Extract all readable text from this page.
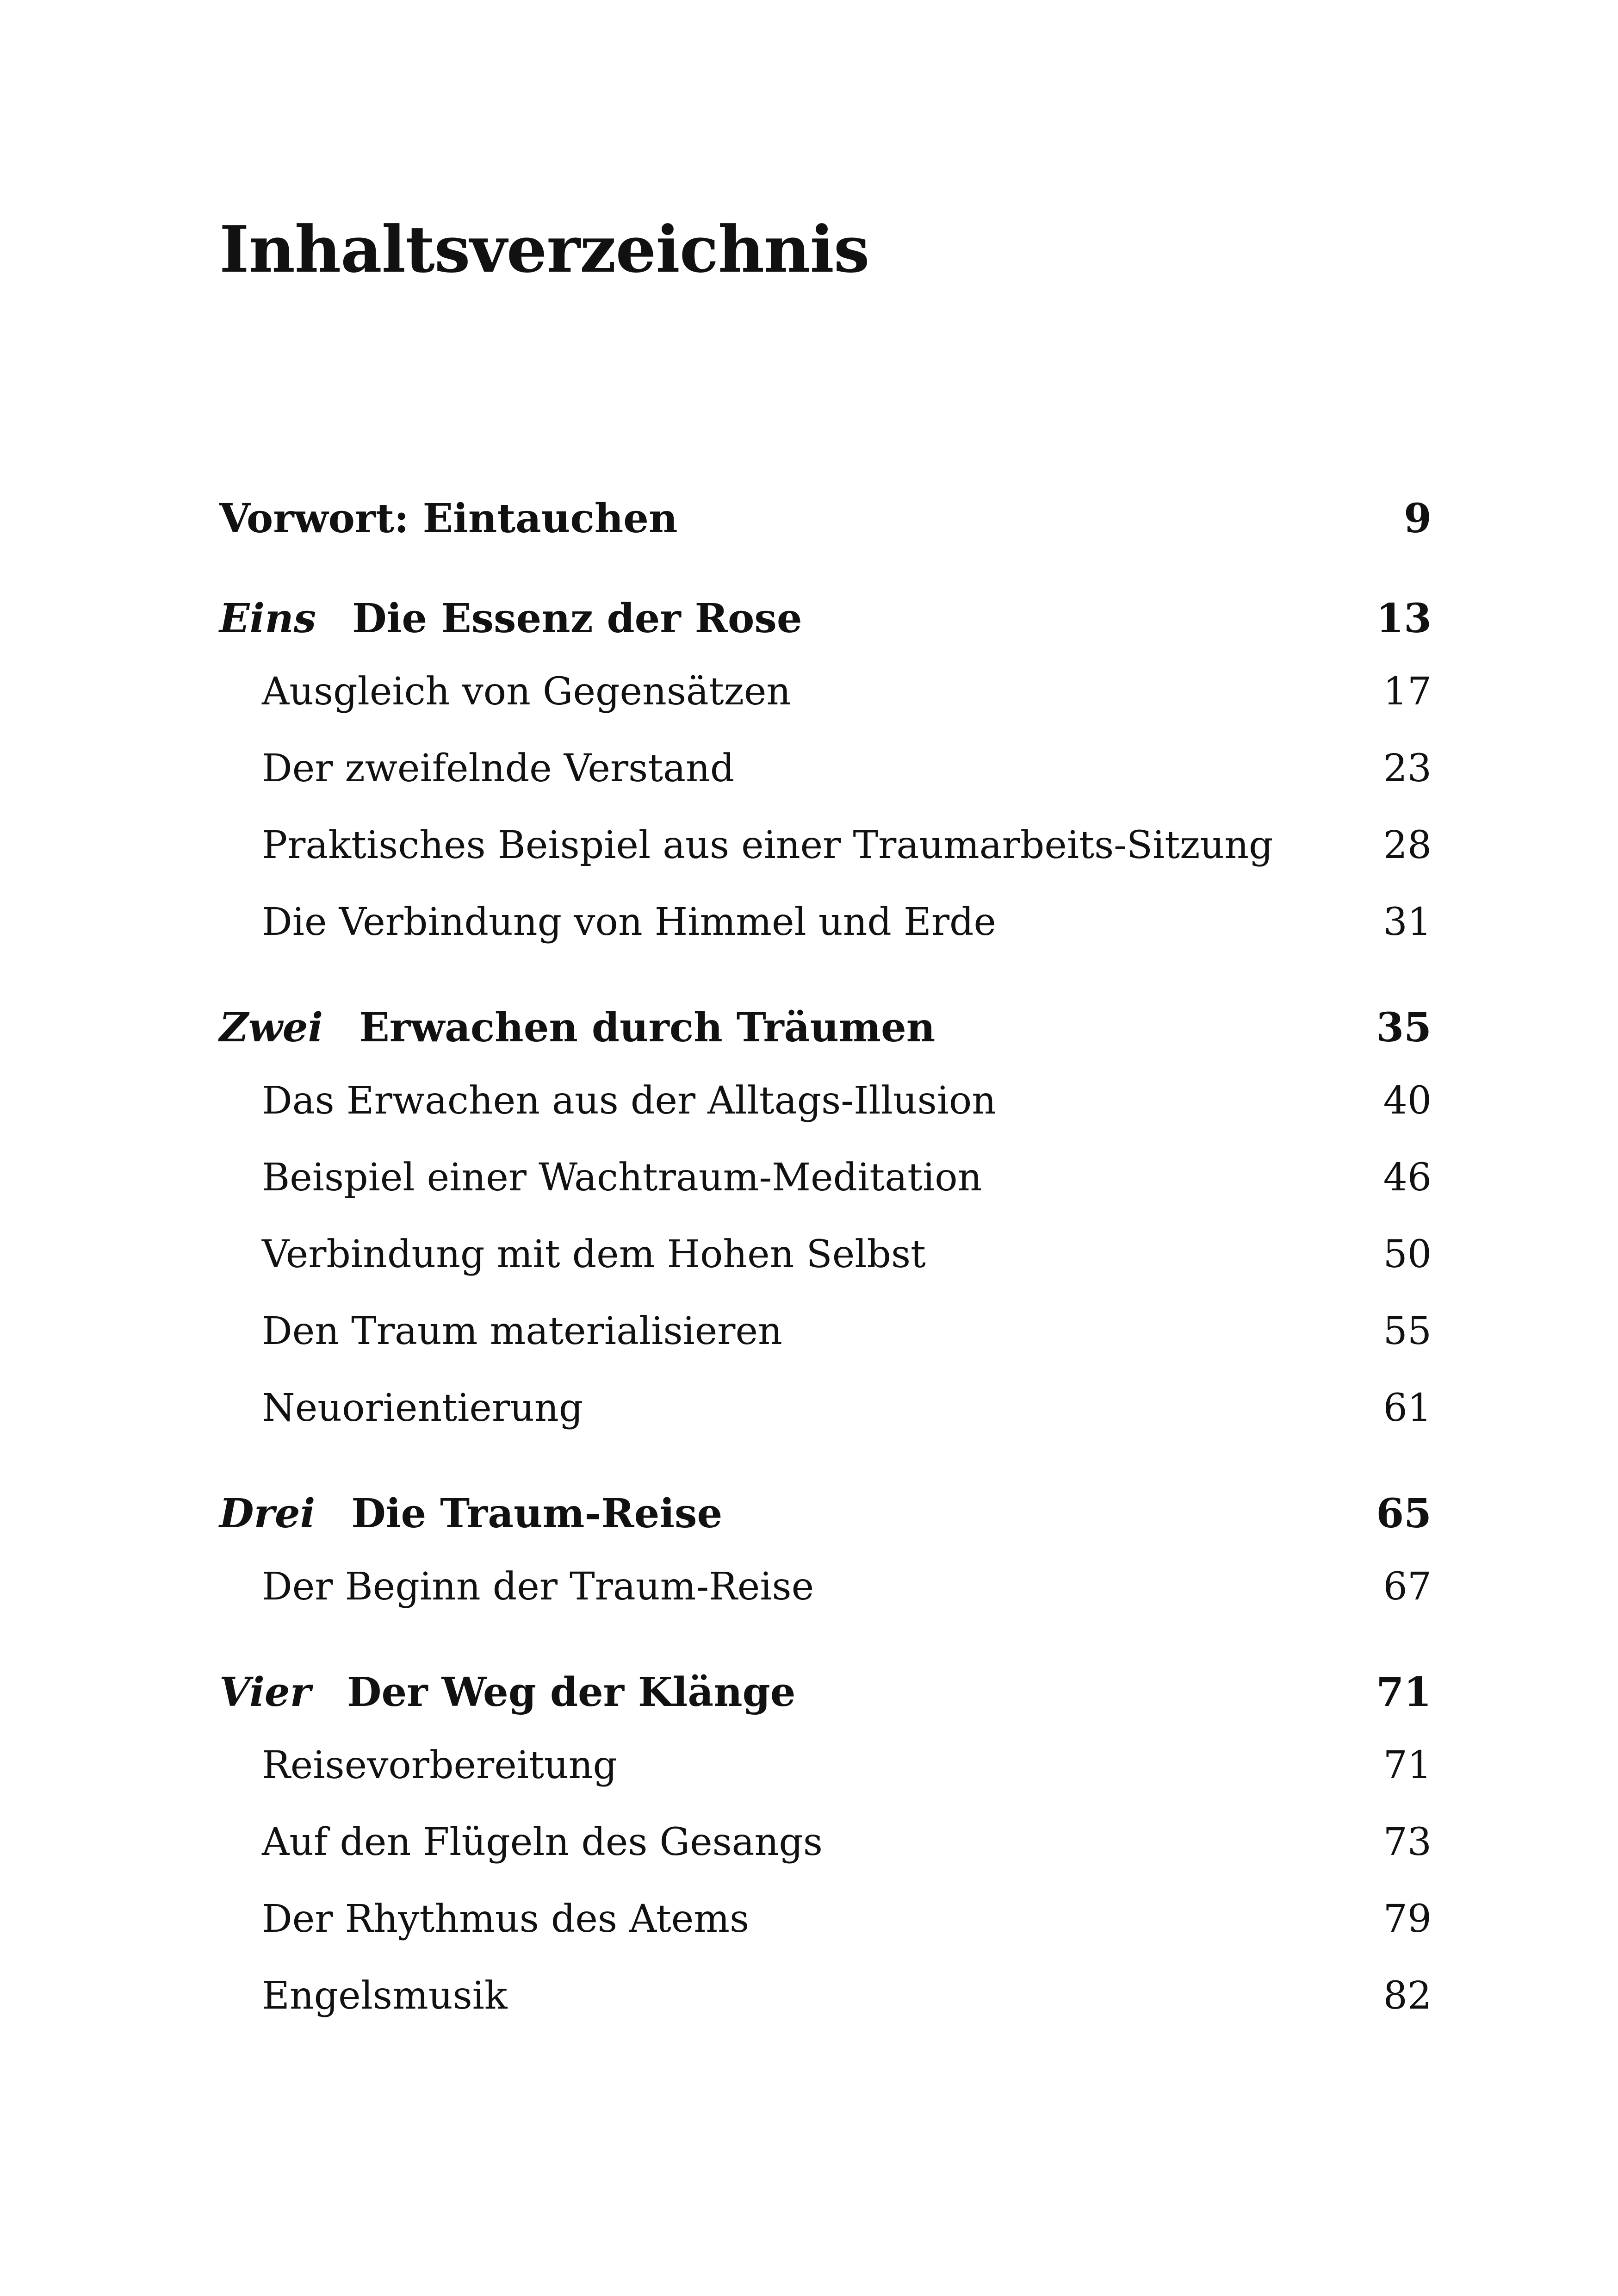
Inhaltsverzeichnis
Vorwort: Eintauchen	9
Eins Die Essenz der Rose	13
Ausgleich von Gegensätzen	17
Der zweifelnde Verstand	23
Praktisches Beispiel aus einer Traumarbeits-Sitzung	28
Die Verbindung von Himmel und Erde	31
Zwei Erwachen durch Träumen	35
Das Erwachen aus der Alltags-Illusion	40
Beispiel einer Wachtraum-Meditation	46
Verbindung mit dem Hohen Selbst	50
Den Traum materialisieren	55
Neuorientierung	61
Drei Die Traum-Reise	65
Der Beginn der Traum-Reise	67
Vier Der Weg der Klänge	71
Reisevorbereitung	71
Auf den Flügeln des Gesangs	73
Der Rhythmus des Atems	79
Engelsmusik	82
